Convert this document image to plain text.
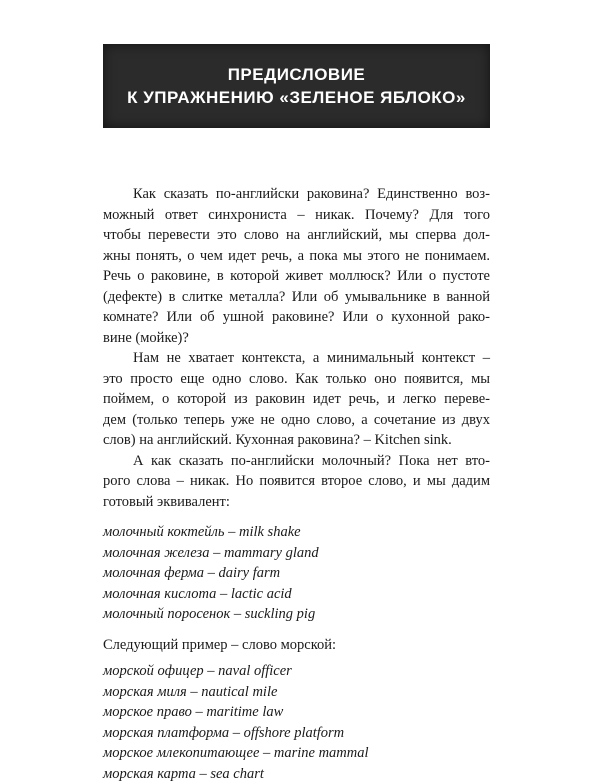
ПРЕДИСЛОВИЕ
К УПРАЖНЕНИЮ «ЗЕЛЕНОЕ ЯБЛОКО»

Как сказать по-английски раковина? Единственно воз-
можный ответ синхрониста – никак. Почему? Для того
чтобы перевести это слово на английский, мы сперва дол-
жны понять, о чем идет речь, а пока мы этого не понимаем.
Речь о раковине, в которой живет моллюск? Или о пустоте
(дефекте) в слитке металла? Или об умывальнике в ванной
комнате? Или об ушной раковине? Или о кухонной рако-
вине (мойке)?

Нам не хватает контекста, а минимальный контекст –
это просто еще одно слово. Как только оно появится, мы
поймем, о которой из раковин идет речь, и легко переве-
дем (только теперь уже не одно слово, а сочетание из двух
слов) на английский. Кухонная раковина? – Kitchen sink.

А как сказать по-английски молочный? Пока нет вто-
рого слова – никак. Но появится второе слово, и мы дадим
готовый эквивалент:

молочный коктейль – milk shake
молочная железа – mammary gland
молочная ферма – dairy farm
молочная кислота – lactic acid
молочный поросенок – suckling pig
Следующий пример – слово морской:
морской офицер – naval officer
морская миля – nautical mile
морское право – maritime law
морская платформа – offshore platform
морское млекопитающее – marine mammal
морская карта – sea chart
